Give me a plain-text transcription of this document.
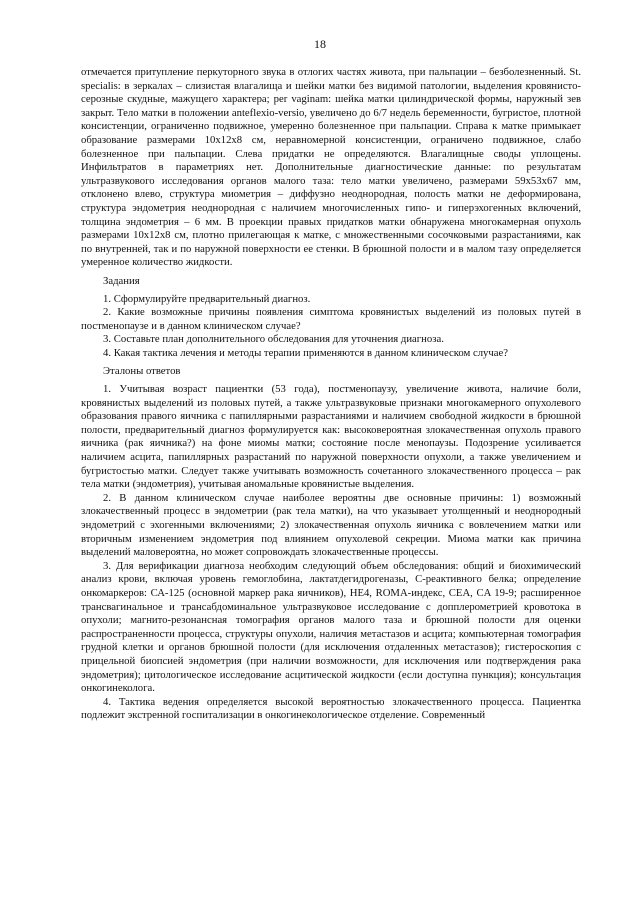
18

отмечается притупление перкуторного звука в отлогих частях живота, при пальпации – безболезненный. St. specialis: в зеркалах – слизистая влагалища и шейки матки без видимой патологии, выделения кровянисто-серозные скудные, мажущего характера; per vaginam: шейка матки цилиндрической формы, наружный зев закрыт. Тело матки в положении anteflexio-versio, увеличено до 6/7 недель беременности, бугристое, плотной консистенции, ограниченно подвижное, умеренно болезненное при пальпации. Справа к матке примыкает образование размерами 10х12х8 см, неравномерной консистенции, ограничено подвижное, слабо болезненное при пальпации. Слева придатки не определяются. Влагалищные своды уплощены. Инфильтратов в параметриях нет. Дополнительные диагностические данные: по результатам ультразвукового исследования органов малого таза: тело матки увеличено, размерами 59х53х67 мм, отклонено влево, структура миометрия – диффузно неоднородная, полость матки не деформирована, структура эндометрия неоднородная с наличием многочисленных гипо- и гиперэхогенных включений, толщина эндометрия – 6 мм. В проекции правых придатков матки обнаружена многокамерная опухоль размерами 10х12х8 см, плотно прилегающая к матке, с множественными сосочковыми разрастаниями, как по внутренней, так и по наружной поверхности ее стенки. В брюшной полости и в малом тазу определяется умеренное количество жидкости.

Задания

1. Сформулируйте предварительный диагноз.

2. Какие возможные причины появления симптома кровянистых выделений из половых путей в постменопаузе и в данном клиническом случае?

3. Составьте план дополнительного обследования для уточнения диагноза.

4. Какая тактика лечения и методы терапии применяются в данном клиническом случае?

Эталоны ответов

1. Учитывая возраст пациентки (53 года), постменопаузу, увеличение живота, наличие боли, кровянистых выделений из половых путей, а также ультразвуковые признаки многокамерного опухолевого образования правого яичника с папиллярными разрастаниями и наличием свободной жидкости в брюшной полости, предварительный диагноз формулируется как: высоковероятная злокачественная опухоль правого яичника (рак яичника?) на фоне миомы матки; состояние после менопаузы. Подозрение усиливается наличием асцита, папиллярных разрастаний по наружной поверхности опухоли, а также увеличением и бугристостью матки. Следует также учитывать возможность сочетанного злокачественного процесса – рак тела матки (эндометрия), учитывая аномальные кровянистые выделения.

2. В данном клиническом случае наиболее вероятны две основные причины: 1) возможный злокачественный процесс в эндометрии (рак тела матки), на что указывает утолщенный и неоднородный эндометрий с эхогенными включениями; 2) злокачественная опухоль яичника с вовлечением матки или вторичным изменением эндометрия под влиянием опухолевой секреции. Миома матки как причина выделений маловероятна, но может сопровождать злокачественные процессы.

3. Для верификации диагноза необходим следующий объем обследования: общий и биохимический анализ крови, включая уровень гемоглобина, лактатдегидрогеназы, С-реактивного белка; определение онкомаркеров: СА-125 (основной маркер рака яичников), НЕ4, ROMA-индекс, CEA, CA 19-9; расширенное трансвагинальное и трансабдоминальное ультразвуковое исследование с допплерометрией кровотока в опухоли; магнито-резонансная томография органов малого таза и брюшной полости для оценки распространенности процесса, структуры опухоли, наличия метастазов и асцита; компьютерная томография грудной клетки и органов брюшной полости (для исключения отдаленных метастазов); гистероскопия с прицельной биопсией эндометрия (при наличии возможности, для исключения или подтверждения рака эндометрия); цитологическое исследование асцитической жидкости (если доступна пункция); консультация онкогинеколога.

4. Тактика ведения определяется высокой вероятностью злокачественного процесса. Пациентка подлежит экстренной госпитализации в онкогинекологическое отделение. Современный
